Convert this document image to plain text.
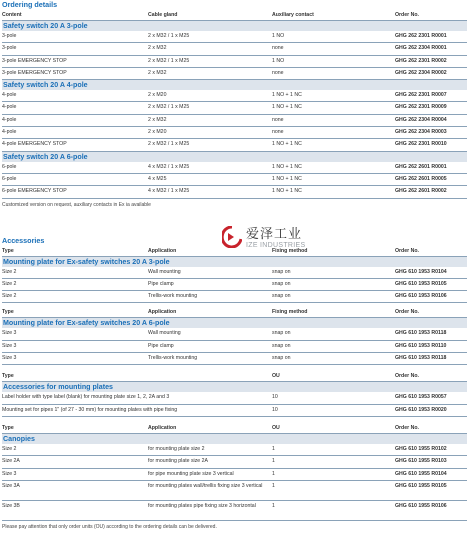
Ordering details
Content	Cable gland	Auxiliary contact	Order No.
Safety switch 20 A 3-pole
3-pole	2 x M32 / 1 x M25	1 NO	GHG 262 2301 R0001
3-pole	2 x M32	none	GHG 262 2304 R0001
3-pole EMERGENCY STOP	2 x M32 / 1 x M25	1 NO	GHG 262 2301 R0002
3-pole EMERGENCY STOP	2 x M32	none	GHG 262 2304 R0002
Safety switch 20 A 4-pole
4-pole	2 x M20	1 NO + 1 NC	GHG 262 2301 R0007
4-pole	2 x M32 / 1 x M25	1 NO + 1 NC	GHG 262 2301 R0009
4-pole	2 x M32	none	GHG 262 2304 R0004
4-pole	2 x M20	none	GHG 262 2304 R0003
4-pole EMERGENCY STOP	2 x M32 / 1 x M25	1 NO + 1 NC	GHG 262 2301 R0010
Safety switch 20 A 6-pole
6-pole	4 x M32 / 1 x M25	1 NO + 1 NC	GHG 262 2601 R0001
6-pole	4 x M25	1 NO + 1 NC	GHG 262 2601 R0005
6-pole EMERGENCY STOP	4 x M32 / 1 x M25	1 NO + 1 NC	GHG 262 2601 R0002
Customized version on request, auxiliary contacts in Ex ia available
Accessories
Type	Application	Fixing method	Order No.
Mounting plate for Ex-safety switches 20 A 3-pole
Size 2	Wall mounting	snap on	GHG 610 1953 R0104
Size 2	Pipe clamp	snap on	GHG 610 1953 R0105
Size 2	Trellis-work mounting	snap on	GHG 610 1953 R0106
Type	Application	Fixing method	Order No.
Mounting plate for Ex-safety switches 20 A 6-pole
Size 3	Wall mounting	snap on	GHG 610 1953 R0118
Size 3	Pipe clamp	snap on	GHG 610 1953 R0110
Size 3	Trellis-work mounting	snap on	GHG 610 1953 R0118
Type	OU	Order No.
Accessories for mounting plates
Label holder with type label (blank) for mounting plate size 1, 2, 2A and 3	10	GHG 610 1953 R0057
Mounting set for pipes 1" (of 27 - 30 mm) for mounting plates with pipe fixing	10	GHG 610 1953 R0020
Type	Application	OU	Order No.
Canopies
Size 2	for mounting plate size 2	1	GHG 610 1955 R0102
Size 2A	for mounting plate size 2A	1	GHG 610 1955 R0103
Size 3	for pipe mounting plate size 3 vertical	1	GHG 610 1955 R0104
Size 3A	for mounting plates wall/trellis fixing size 3 vertical	1	GHG 610 1955 R0105
Size 3B	for mounting plates pipe fixing size 3 horizontal	1	GHG 610 1955 R0106
Please pay attention that only order units (OU) according to the ordering details can be delivered.
爱泽工业
IZE INDUSTRIES
